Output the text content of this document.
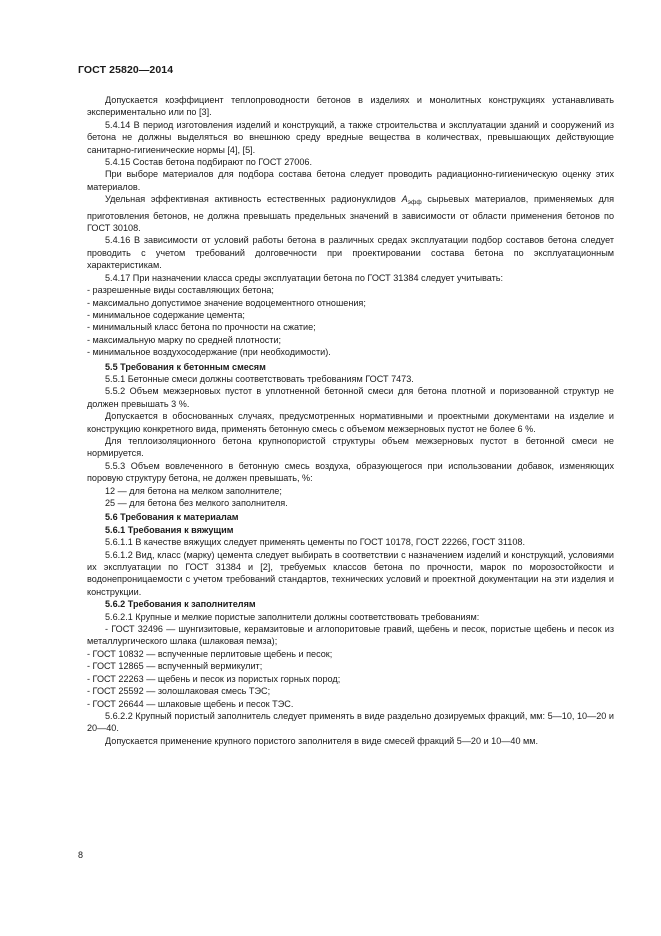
ГОСТ 25820—2014

Допускается коэффициент теплопроводности бетонов в изделиях и монолитных конструкциях устанавливать экспериментально или по [3].

5.4.14 В период изготовления изделий и конструкций, а также строительства и эксплуатации зданий и сооружений из бетона не должны выделяться во внешнюю среду вредные вещества в количествах, превышающих действующие санитарно-гигиенические нормы [4], [5].

5.4.15 Состав бетона подбирают по ГОСТ 27006.

При выборе материалов для подбора состава бетона следует проводить радиационно-гигиеническую оценку этих материалов.

Удельная эффективная активность естественных радионуклидов $A_{эфф}$ сырьевых материалов, применяемых для приготовления бетонов, не должна превышать предельных значений в зависимости от области применения бетонов по ГОСТ 30108.

5.4.16 В зависимости от условий работы бетона в различных средах эксплуатации подбор составов бетона следует проводить с учетом требований долговечности при проектировании состава бетона по эксплуатационным характеристикам.

5.4.17 При назначении класса среды эксплуатации бетона по ГОСТ 31384 следует учитывать:

- разрешенные виды составляющих бетона;

- максимально допустимое значение водоцементного отношения;

- минимальное содержание цемента;

- минимальный класс бетона по прочности на сжатие;

- максимальную марку по средней плотности;

- минимальное воздухосодержание (при необходимости).

5.5 Требования к бетонным смесям

5.5.1 Бетонные смеси должны соответствовать требованиям ГОСТ 7473.

5.5.2 Объем межзерновых пустот в уплотненной бетонной смеси для бетона плотной и поризованной структур не должен превышать 3 %.

Допускается в обоснованных случаях, предусмотренных нормативными и проектными документами на изделие и конструкцию конкретного вида, применять бетонную смесь с объемом межзерновых пустот не более 6 %.

Для теплоизоляционного бетона крупнопористой структуры объем межзерновых пустот в бетонной смеси не нормируется.

5.5.3 Объем вовлеченного в бетонную смесь воздуха, образующегося при использовании добавок, изменяющих поровую структуру бетона, не должен превышать, %:

12 — для бетона на мелком заполнителе;

25 — для бетона без мелкого заполнителя.

5.6 Требования к материалам

5.6.1 Требования к вяжущим

5.6.1.1 В качестве вяжущих следует применять цементы по ГОСТ 10178, ГОСТ 22266, ГОСТ 31108.

5.6.1.2 Вид, класс (марку) цемента следует выбирать в соответствии с назначением изделий и конструкций, условиями их эксплуатации по ГОСТ 31384 и [2], требуемых классов бетона по прочности, марок по морозостойкости и водонепроницаемости с учетом требований стандартов, технических условий и проектной документации на эти изделия и конструкции.

5.6.2 Требования к заполнителям

5.6.2.1 Крупные и мелкие пористые заполнители должны соответствовать требованиям:

- ГОСТ 32496 — шунгизитовые, керамзитовые и аглопоритовые гравий, щебень и песок, пористые щебень и песок из металлургического шлака (шлаковая пемза);

- ГОСТ 10832 — вспученные перлитовые щебень и песок;

- ГОСТ 12865 — вспученный вермикулит;

- ГОСТ 22263 — щебень и песок из пористых горных пород;

- ГОСТ 25592 — золошлаковая смесь ТЭС;

- ГОСТ 26644 — шлаковые щебень и песок ТЭС.

5.6.2.2 Крупный пористый заполнитель следует применять в виде раздельно дозируемых фракций, мм: 5—10, 10—20 и 20—40.

Допускается применение крупного пористого заполнителя в виде смесей фракций 5—20 и 10—40 мм.

8
